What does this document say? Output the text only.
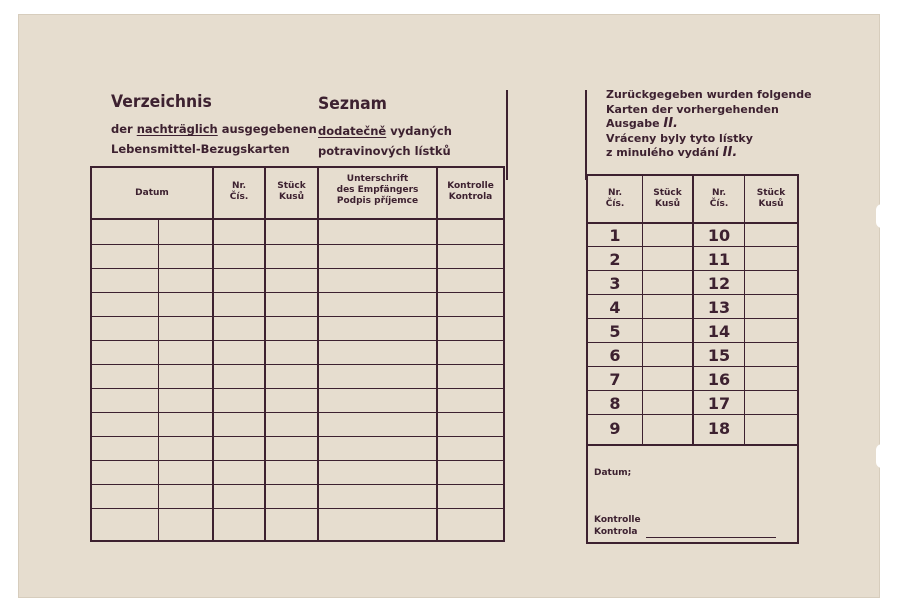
Verzeichnis	Seznam
der nachträglich ausgegebenen
Lebensmittel-Bezugskarten
dodatečně vydaných
potravinových lístků
Datum
Nr.
Čís.
Stück
Kusů
Unterschrift
des Empfängers
Podpis příjemce
Kontrolle
Kontrola
Zurückgegeben wurden folgende
Karten der vorhergehenden
Ausgabe II.
Vráceny byly tyto lístky
z minulého vydání II.
Nr.
Čís.
Stück
Kusů
Nr.
Čís.
Stück
Kusů
1
2
3
4
5
6
7
8
9
10
11
12
13
14
15
16
17
18
Datum;
Kontrolle
Kontrola
